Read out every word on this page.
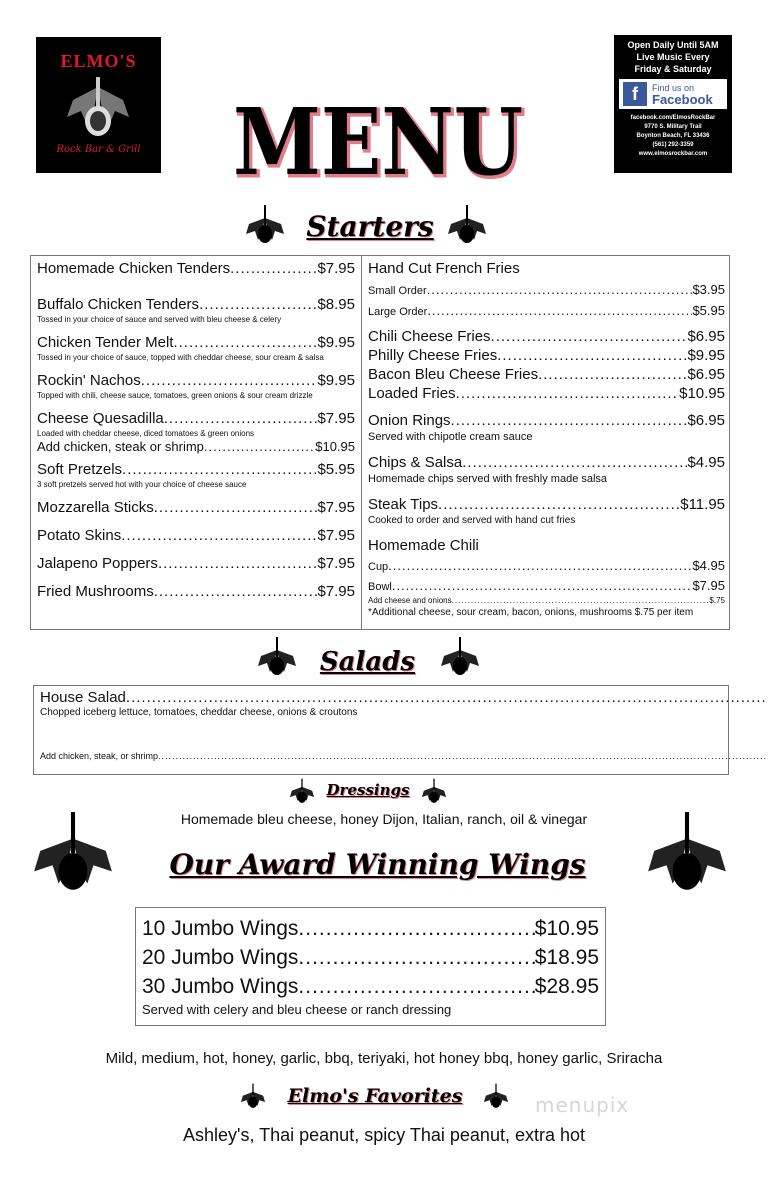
ELMO'S
Rock Bar & Grill MENU
MENU
Open Daily Until 5AM
Live Music Every
Friday & Saturday
f	Find us on
Facebook
facebook.com/ElmosRockBar
9770 S. Military Trail
Boynton Beach, FL 33436
(561) 292-3359
www.elmosrockbar.com
Starters
Homemade Chicken Tenders .....	$7.95
Buffalo Chicken Tenders .....	$8.95
Tossed in your choice of sauce and served with bleu cheese & celery
Chicken Tender Melt .....	$9.95
Tossed in your choice of sauce, topped with cheddar cheese, sour cream & salsa
Rockin' Nachos .....	$9.95
Topped with chili, cheese sauce, tomatoes, green onions & sour cream drizzle
Cheese Quesadilla .....	$7.95
Loaded with cheddar cheese, diced tomatoes & green onions
Add chicken, steak or shrimp .....	$10.95
Soft Pretzels .....	$5.95
3 soft pretzels served hot with your choice of cheese sauce
Mozzarella Sticks .....	$7.95
Potato Skins .....	$7.95
Jalapeno Poppers .....	$7.95
Fried Mushrooms .....	$7.95
Hand Cut French Fries
Small Order .....	$3.95
Large Order .....	$5.95
Chili Cheese Fries .....	$6.95
Philly Cheese Fries .....	$9.95
Bacon Bleu Cheese Fries .....	$6.95
Loaded Fries .....	$10.95
Onion Rings .....	$6.95
Served with chipotle cream sauce
Chips & Salsa .....	$4.95
Homemade chips served with freshly made salsa
Steak Tips .....	$11.95
Cooked to order and served with hand cut fries
Homemade Chili
Cup .....	$4.95
Bowl .....	$7.95
Add cheese and onions .....	$.75
*Additional cheese, sour cream, bacon, onions, mushrooms $.75 per item
Salads
House Salad
.....
Chopped iceberg lettuce, tomatoes, cheddar cheese, onions & croutons
Add chicken, steak, or shrimp
.....
Dressings
Homemade bleu cheese, honey Dijon, Italian, ranch, oil & vinegar
Our Award Winning Wings
10 Jumbo Wings .....	$10.95
20 Jumbo Wings .....	$18.95
30 Jumbo Wings .....	$28.95
Served with celery and bleu cheese or ranch dressing
Mild, medium, hot, honey, garlic, bbq, teriyaki, hot honey bbq, honey garlic, Sriracha
Elmo's Favorites	menupix
Ashley's, Thai peanut, spicy Thai peanut, extra hot
